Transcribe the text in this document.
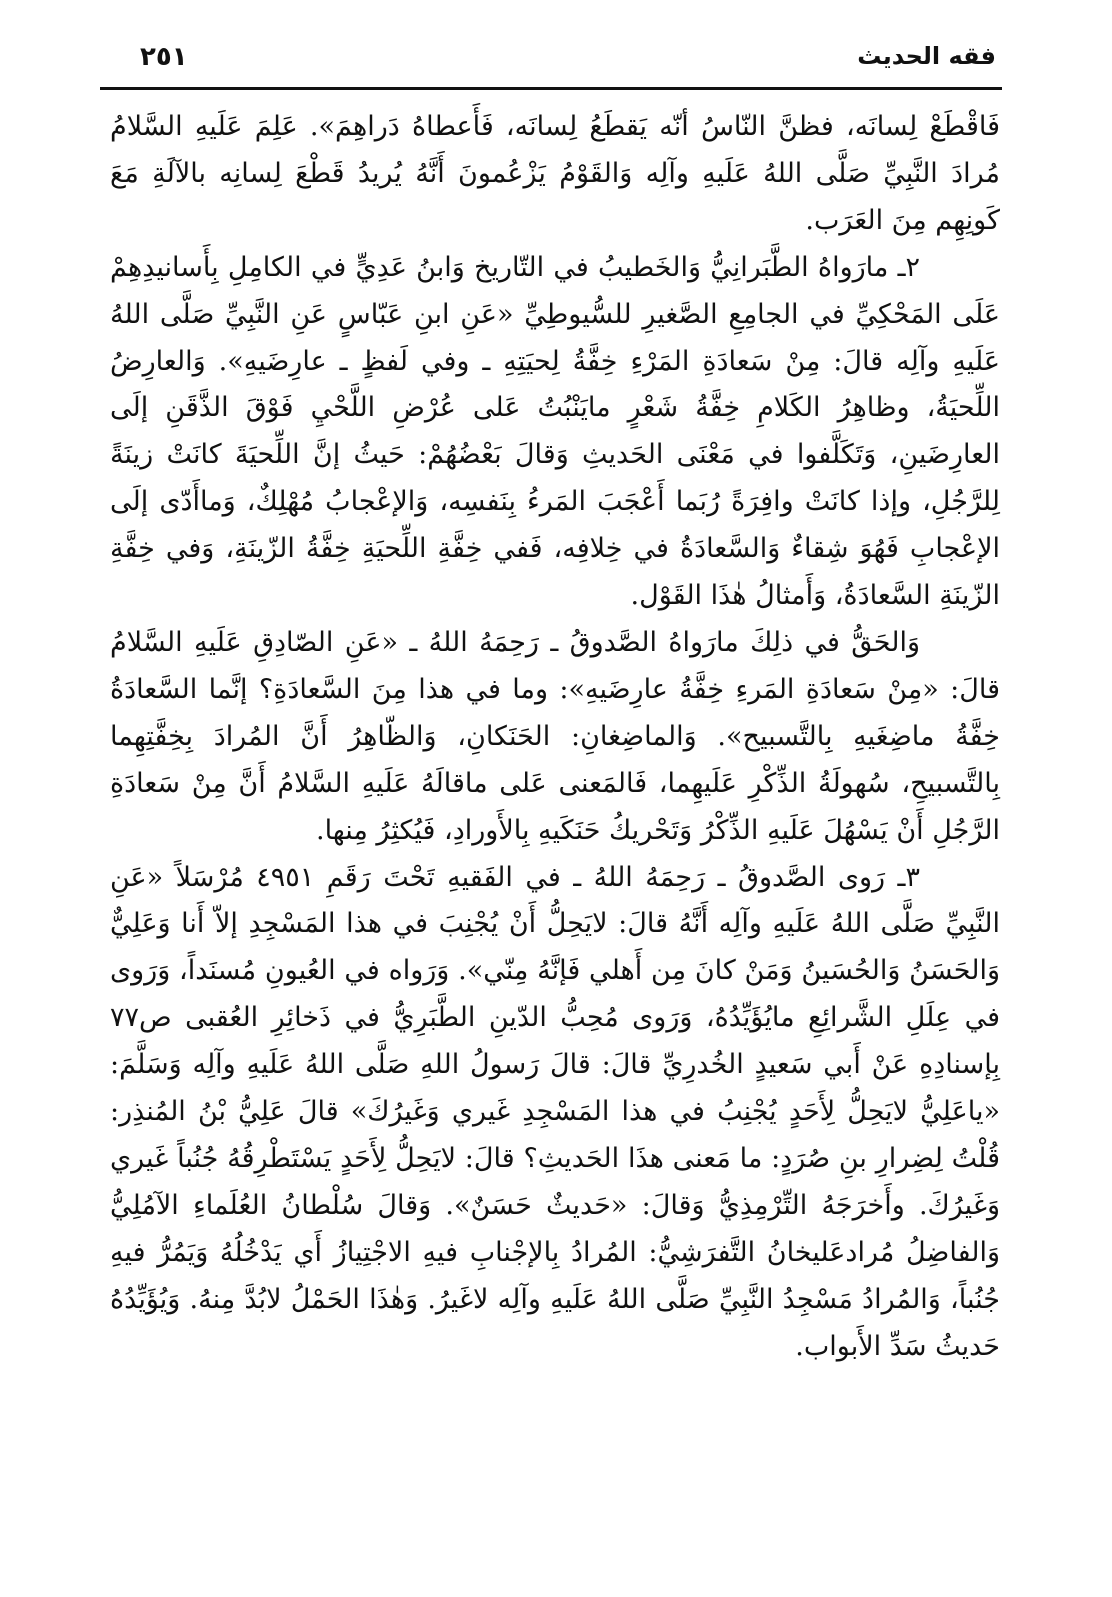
فقه الحديث
٢٥١

فَاقْطَعْ لِسانَه، فظنَّ النّاسُ أنّه يَقطَعُ لِسانَه، فَأَعطاهُ دَراهِمَ». عَلِمَ عَلَيهِ السَّلامُ مُرادَ النَّبِيِّ صَلَّى اللهُ عَلَيهِ وآلِه وَالقَوْمُ يَزْعُمونَ أَنَّهُ يُريدُ قَطْعَ لِسانِه بالآلَةِ مَعَ كَونِهِم مِنَ العَرَب.

٢ـ مارَواهُ الطَّبَرانِيُّ وَالخَطيبُ في التّاريخ وَابنُ عَدِيٍّ في الكامِلِ بِأَسانيدِهِمْ عَلَى المَحْكِيِّ في الجامِعِ الصَّغيرِ للسُّيوطِيِّ «عَنِ ابنِ عَبّاسٍ عَنِ النَّبِيِّ صَلَّى اللهُ عَلَيهِ وآلِه قالَ: مِنْ سَعادَةِ المَرْءِ خِفَّةُ لِحيَتِهِ ـ وفي لَفظٍ ـ عارِضَيهِ». وَالعارِضُ اللِّحيَةُ، وظاهِرُ الكَلامِ خِفَّةُ شَعْرٍ مايَنْبُتُ عَلى عُرْضِ اللَّحْيِ فَوْقَ الذَّقَنِ إلَى العارِضَينِ، وَتَكَلَّفوا في مَعْنَى الحَديثِ وَقالَ بَعْضُهُمْ: حَيثُ إنَّ اللِّحيَةَ كانَتْ زينَةً لِلرَّجُلِ، وإذا كانَتْ وافِرَةً رُبَما أَعْجَبَ المَرءُ بِنَفسِه، وَالإعْجابُ مُهْلِكٌ، وَماأَدّى إلَى الإعْجابِ فَهُوَ شِقاءٌ وَالسَّعادَةُ في خِلافِه، فَفي خِفَّةِ اللِّحيَةِ خِفَّةُ الزّينَةِ، وَفي خِفَّةِ الزّينَةِ السَّعادَةُ، وَأَمثالُ هٰذَا القَوْل.

وَالحَقُّ في ذلِكَ مارَواهُ الصَّدوقُ ـ رَحِمَهُ اللهُ ـ «عَنِ الصّادِقِ عَلَيهِ السَّلامُ قالَ: «مِنْ سَعادَةِ المَرءِ خِفَّةُ عارِضَيهِ»: وما في هذا مِنَ السَّعادَةِ؟ إنَّما السَّعادَةُ خِفَّةُ ماضِغَيهِ بِالتَّسبيح». وَالماضِغانِ: الحَنَكانِ، وَالظّاهِرُ أَنَّ المُرادَ بِخِفَّتِهِما بِالتَّسبيحِ، سُهولَةُ الذِّكْرِ عَلَيهِما، فَالمَعنى عَلى ماقالَهُ عَلَيهِ السَّلامُ أَنَّ مِنْ سَعادَةِ الرَّجُلِ أَنْ يَسْهُلَ عَلَيهِ الذِّكْرُ وَتَحْريكُ حَنَكَيهِ بِالأَورادِ، فَيُكثِرُ مِنها.

٣ـ رَوى الصَّدوقُ ـ رَحِمَهُ اللهُ ـ في الفَقيهِ تَحْتَ رَقَمِ ٤٩٥١ مُرْسَلاً «عَنِ النَّبِيِّ صَلَّى اللهُ عَلَيهِ وآلِه أَنَّهُ قالَ: لايَحِلُّ أَنْ يُجْنِبَ في هذا المَسْجِدِ إلاّ أَنا وَعَلِيٌّ وَالحَسَنُ وَالحُسَينُ وَمَنْ كانَ مِن أَهلي فَإنَّهُ مِنّي». وَرَواه في العُيونِ مُسنَداً، وَرَوى في عِلَلِ الشَّرائِعِ مايُؤَيِّدُهُ، وَرَوى مُحِبُّ الدّينِ الطَّبَرِيُّ في ذَخائِرِ العُقبى ص٧٧ بِإسنادِهِ عَنْ أَبي سَعيدٍ الخُدرِيِّ قالَ: قالَ رَسولُ اللهِ صَلَّى اللهُ عَلَيهِ وآلِه وَسَلَّمَ: «ياعَلِيُّ لايَحِلُّ لِأَحَدٍ يُجْنِبُ في هذا المَسْجِدِ غَيري وَغَيرُكَ» قالَ عَلِيُّ بْنُ المُنذِر: قُلْتُ لِضِرارِ بنِ صُرَدٍ: ما مَعنى هذَا الحَديثِ؟ قالَ: لايَحِلُّ لِأَحَدٍ يَسْتَطْرِقُهُ جُنُباً غَيري وَغَيرُكَ. وأَخرَجَهُ التِّرْمِذِيُّ وَقالَ: «حَديثٌ حَسَنٌ». وَقالَ سُلْطانُ العُلَماءِ الآمُلِيُّ وَالفاضِلُ مُرادعَليخانُ التَّفرَشِيُّ: المُرادُ بِالإجْنابِ فيهِ الاجْتِيازُ أَي يَدْخُلُهُ وَيَمُرُّ فيهِ جُنُباً، وَالمُرادُ مَسْجِدُ النَّبِيِّ صَلَّى اللهُ عَلَيهِ وآلِه لاغَيرُ. وَهٰذَا الحَمْلُ لابُدَّ مِنهُ. وَيُؤَيِّدُهُ حَديثُ سَدِّ الأَبواب.
